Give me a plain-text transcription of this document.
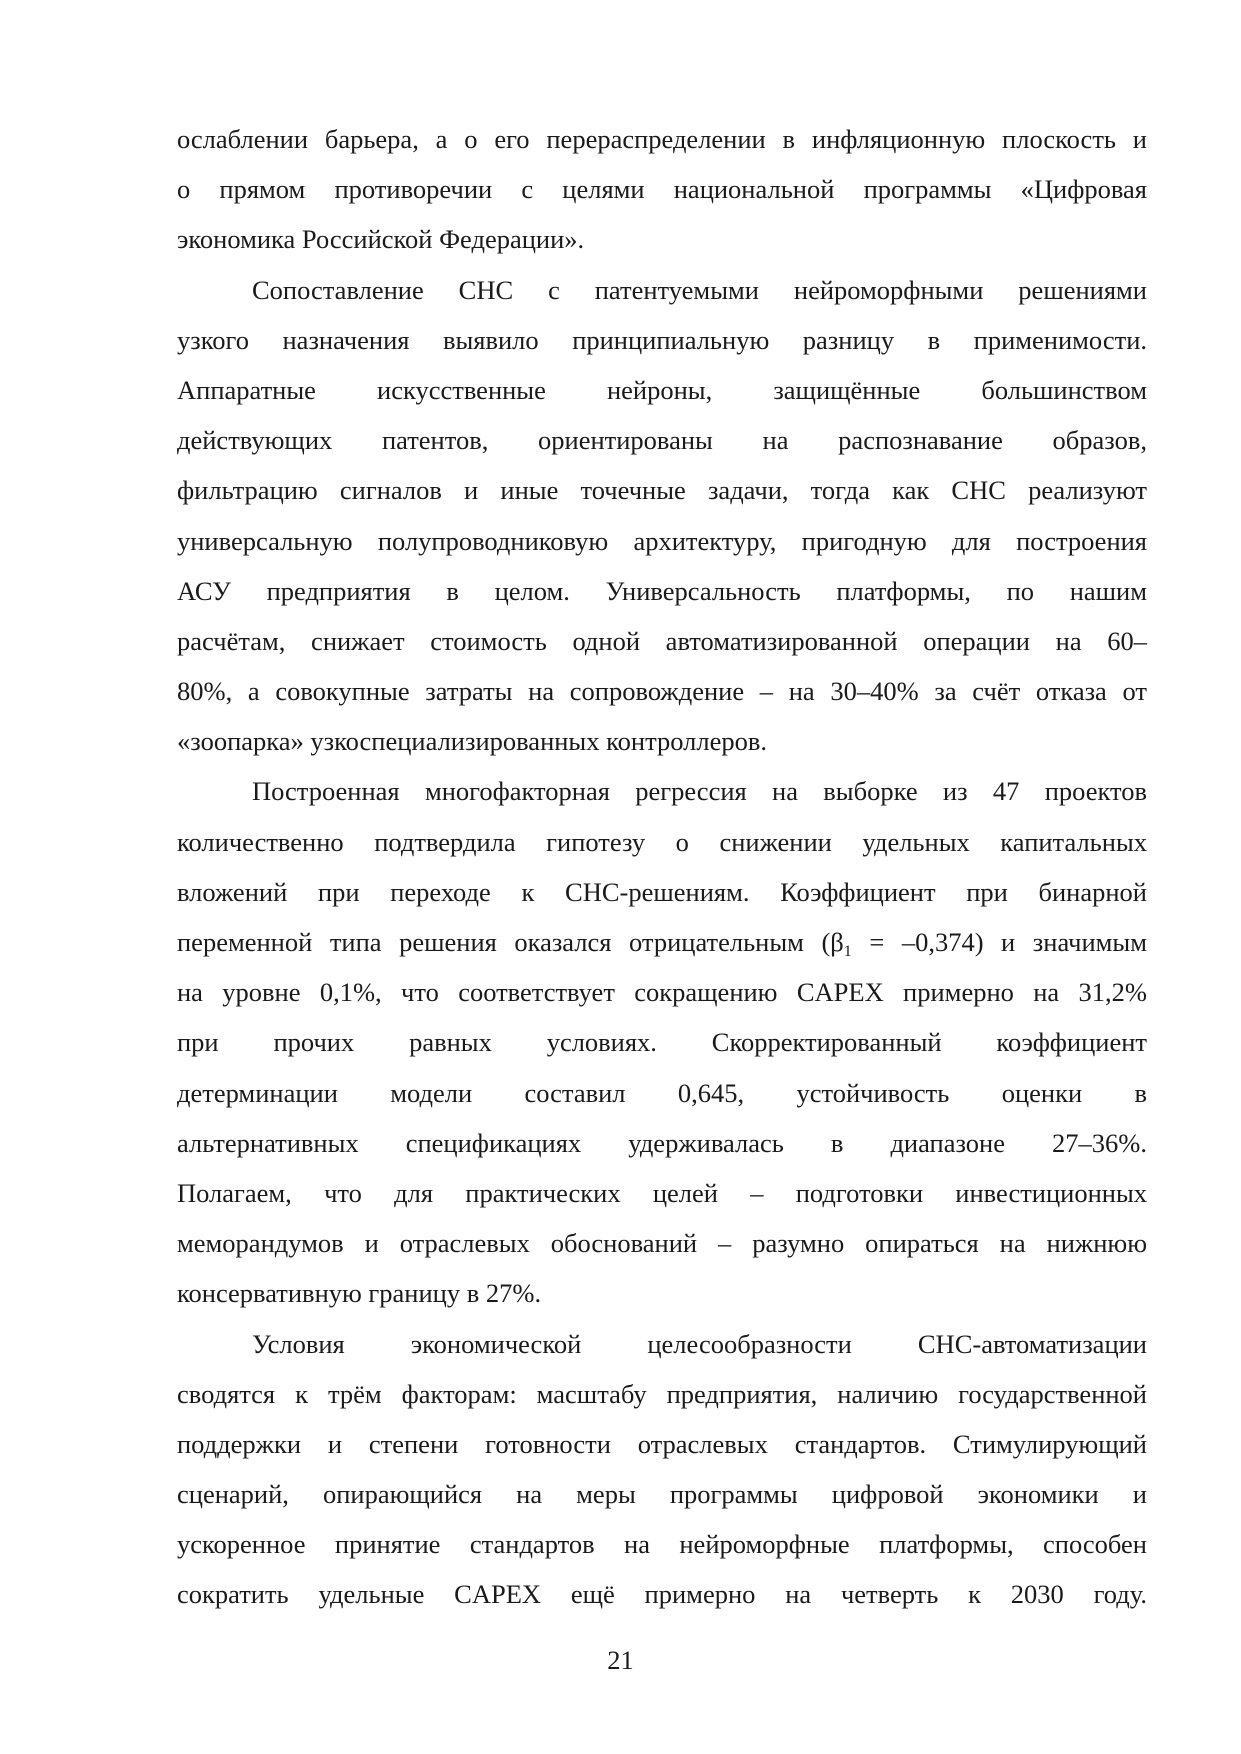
ослаблении барьера, а о его перераспределении в инфляционную плоскость и
о прямом противоречии с целями национальной программы «Цифровая
экономика Российской Федерации».
Сопоставление СНС с патентуемыми нейроморфными решениями
узкого назначения выявило принципиальную разницу в применимости.
Аппаратные искусственные нейроны, защищённые большинством
действующих патентов, ориентированы на распознавание образов,
фильтрацию сигналов и иные точечные задачи, тогда как СНС реализуют
универсальную полупроводниковую архитектуру, пригодную для построения
АСУ предприятия в целом. Универсальность платформы, по нашим
расчётам, снижает стоимость одной автоматизированной операции на 60–
80%, а совокупные затраты на сопровождение – на 30–40% за счёт отказа от
«зоопарка» узкоспециализированных контроллеров.
Построенная многофакторная регрессия на выборке из 47 проектов
количественно подтвердила гипотезу о снижении удельных капитальных
вложений при переходе к СНС-решениям. Коэффициент при бинарной
переменной типа решения оказался отрицательным $(\beta_1 = -0,374)$ и значимым
на уровне 0,1%, что соответствует сокращению CAPEX примерно на 31,2%
при прочих равных условиях. Скорректированный коэффициент
детерминации модели составил 0,645, устойчивость оценки в
альтернативных спецификациях удерживалась в диапазоне 27–36%.
Полагаем, что для практических целей – подготовки инвестиционных
меморандумов и отраслевых обоснований – разумно опираться на нижнюю
консервативную границу в 27%.
Условия экономической целесообразности СНС-автоматизации
сводятся к трём факторам: масштабу предприятия, наличию государственной
поддержки и степени готовности отраслевых стандартов. Стимулирующий
сценарий, опирающийся на меры программы цифровой экономики и
ускоренное принятие стандартов на нейроморфные платформы, способен
сократить удельные CAPEX ещё примерно на четверть к 2030 году.
21
